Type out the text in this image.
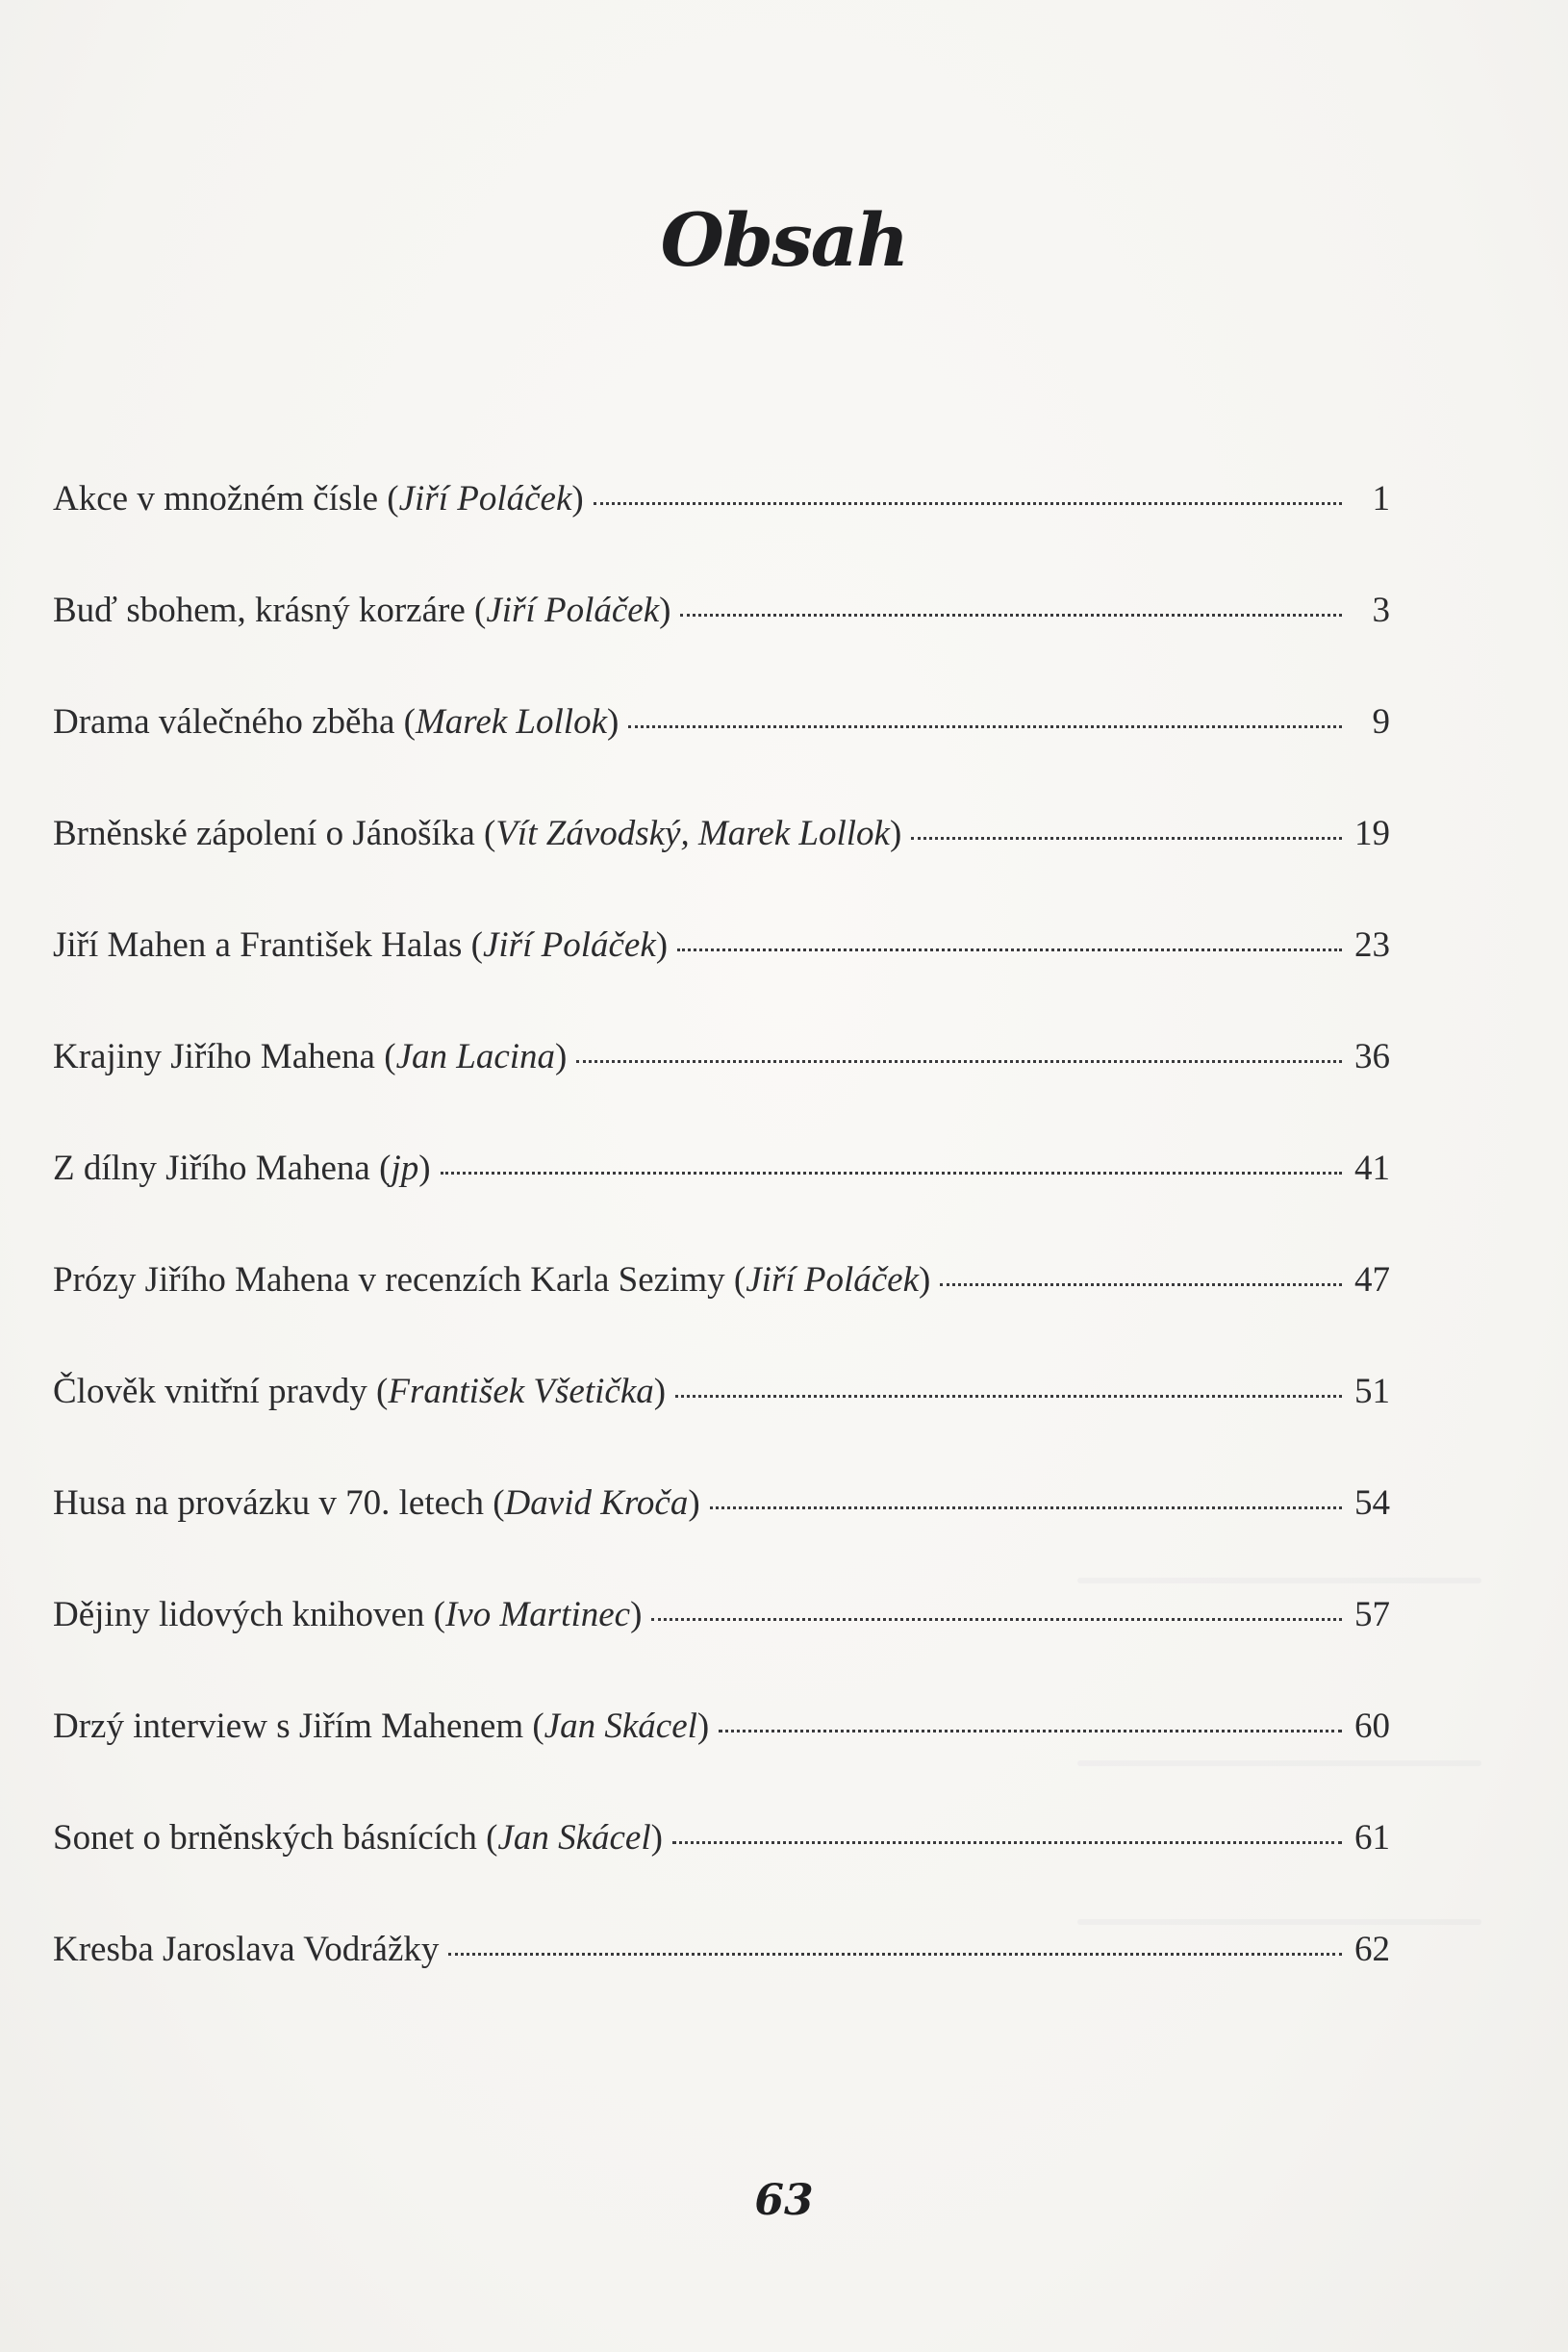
Obsah
Akce v množném čísle (Jiří Poláček)	1
Buď sbohem, krásný korzáre (Jiří Poláček)	3
Drama válečného zběha (Marek Lollok)	9
Brněnské zápolení o Jánošíka (Vít Závodský, Marek Lollok)	19
Jiří Mahen a František Halas (Jiří Poláček)	23
Krajiny Jiřího Mahena (Jan Lacina)	36
Z dílny Jiřího Mahena (jp)	41
Prózy Jiřího Mahena v recenzích Karla Sezimy (Jiří Poláček)	47
Člověk vnitřní pravdy (František Všetička)	51
Husa na provázku v 70. letech (David Kroča)	54
Dějiny lidových knihoven (Ivo Martinec)	57
Drzý interview s Jiřím Mahenem (Jan Skácel)	60
Sonet o brněnských básnících (Jan Skácel)	61
Kresba Jaroslava Vodrážky	62
63
